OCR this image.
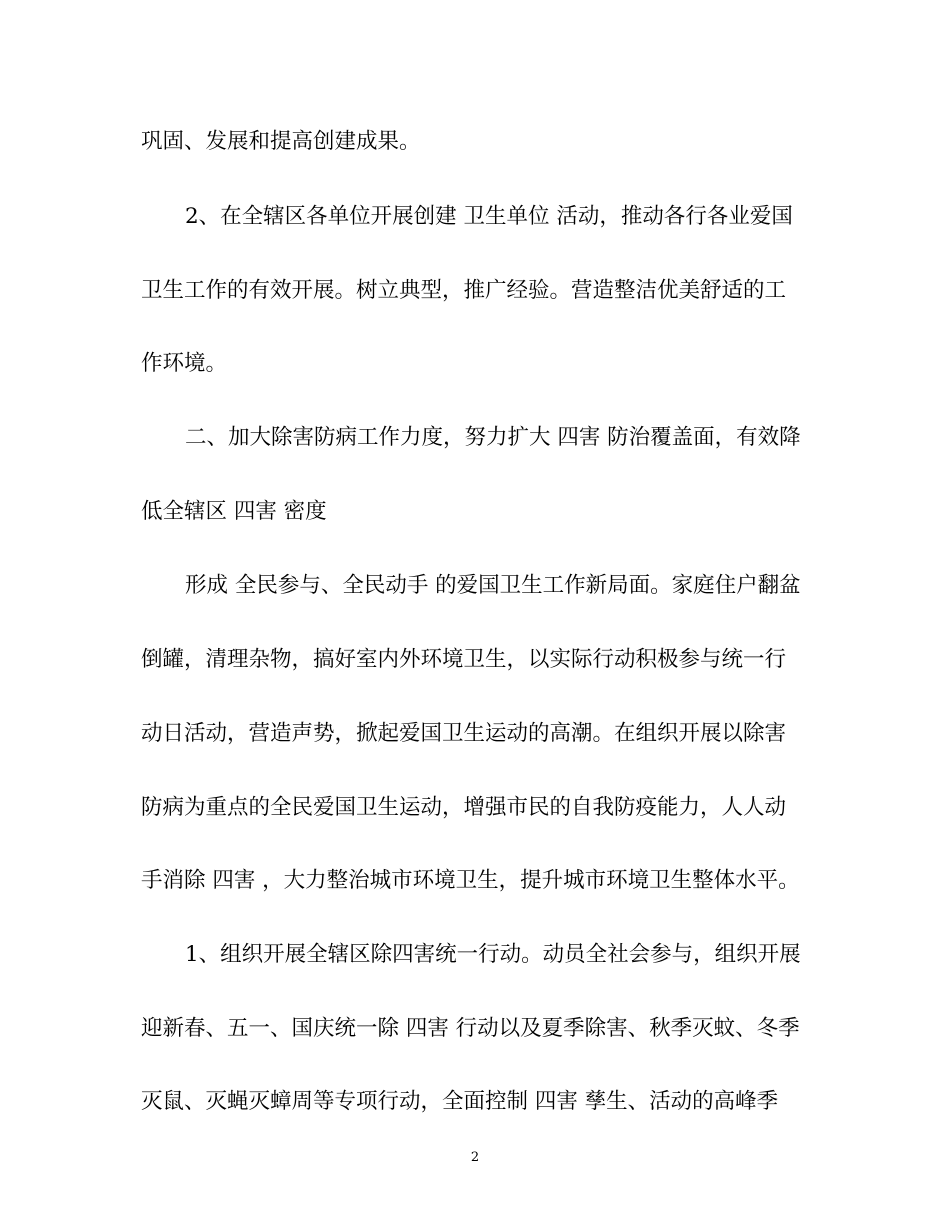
巩固、发展和提高创建成果。
2、在全辖区各单位开展创建 卫生单位 活动，推动各行各业爱国
卫生工作的有效开展。树立典型，推广经验。营造整洁优美舒适的工
作环境。
二、加大除害防病工作力度，努力扩大 四害 防治覆盖面，有效降
低全辖区 四害 密度
形成 全民参与、全民动手 的爱国卫生工作新局面。家庭住户翻盆
倒罐，清理杂物，搞好室内外环境卫生，以实际行动积极参与统一行
动日活动，营造声势，掀起爱国卫生运动的高潮。在组织开展以除害
防病为重点的全民爱国卫生运动，增强市民的自我防疫能力，人人动
手消除 四害 ，大力整治城市环境卫生，提升城市环境卫生整体水平。
1、组织开展全辖区除四害统一行动。动员全社会参与，组织开展
迎新春、五一、国庆统一除 四害 行动以及夏季除害、秋季灭蚊、冬季
灭鼠、灭蝇灭蟑周等专项行动，全面控制 四害 孳生、活动的高峰季
2
